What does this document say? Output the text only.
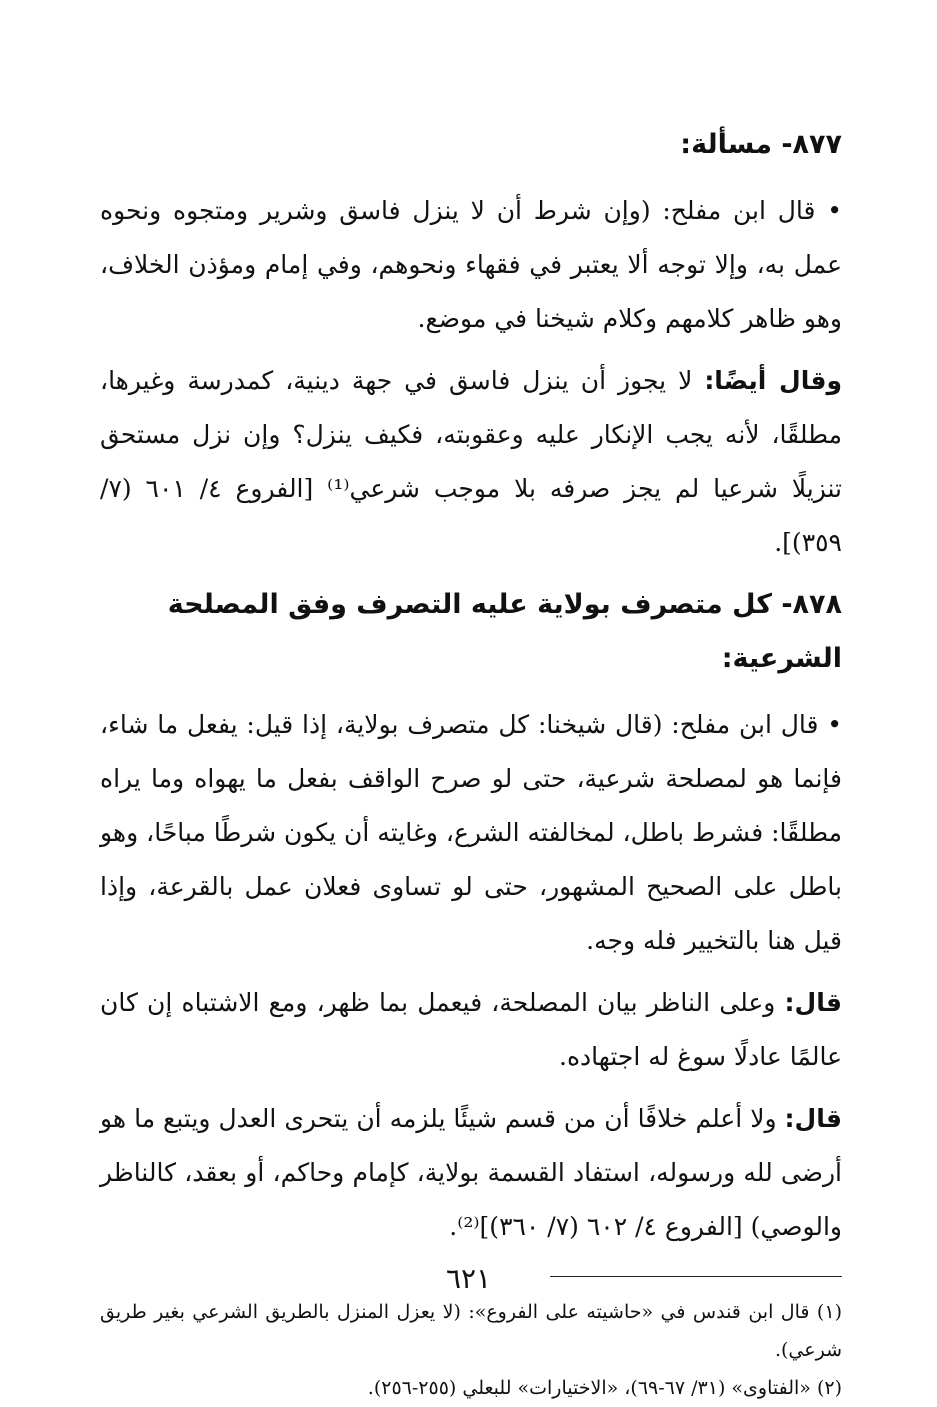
٨٧٧- مسألة:

• قال ابن مفلح: (وإن شرط أن لا ينزل فاسق وشرير ومتجوه ونحوه عمل به، وإلا توجه ألا يعتبر في فقهاء ونحوهم، وفي إمام ومؤذن الخلاف، وهو ظاهر كلامهم وكلام شيخنا في موضع.

وقال أيضًا: لا يجوز أن ينزل فاسق في جهة دينية، كمدرسة وغيرها، مطلقًا، لأنه يجب الإنكار عليه وعقوبته، فكيف ينزل؟ وإن نزل مستحق تنزيلًا شرعيا لم يجز صرفه بلا موجب شرعي⁽¹⁾ [الفروع ٤/ ٦٠١ (٧/ ٣٥٩)].

٨٧٨- كل متصرف بولاية عليه التصرف وفق المصلحة الشرعية:

• قال ابن مفلح: (قال شيخنا: كل متصرف بولاية، إذا قيل: يفعل ما شاء، فإنما هو لمصلحة شرعية، حتى لو صرح الواقف بفعل ما يهواه وما يراه مطلقًا: فشرط باطل، لمخالفته الشرع، وغايته أن يكون شرطًا مباحًا، وهو باطل على الصحيح المشهور، حتى لو تساوى فعلان عمل بالقرعة، وإذا قيل هنا بالتخيير فله وجه.

قال: وعلى الناظر بيان المصلحة، فيعمل بما ظهر، ومع الاشتباه إن كان عالمًا عادلًا سوغ له اجتهاده.

قال: ولا أعلم خلافًا أن من قسم شيئًا يلزمه أن يتحرى العدل ويتبع ما هو أرضى لله ورسوله، استفاد القسمة بولاية، كإمام وحاكم، أو بعقد، كالناظر والوصي) [الفروع ٤/ ٦٠٢ (٧/ ٣٦٠)]⁽²⁾.

(١) قال ابن قندس في «حاشيته على الفروع»: (لا يعزل المنزل بالطريق الشرعي بغير طريق شرعي).

(٢) «الفتاوى» (٣١/ ٦٧-٦٩)، «الاختيارات» للبعلي (٢٥٥-٢٥٦).

٦٢١
